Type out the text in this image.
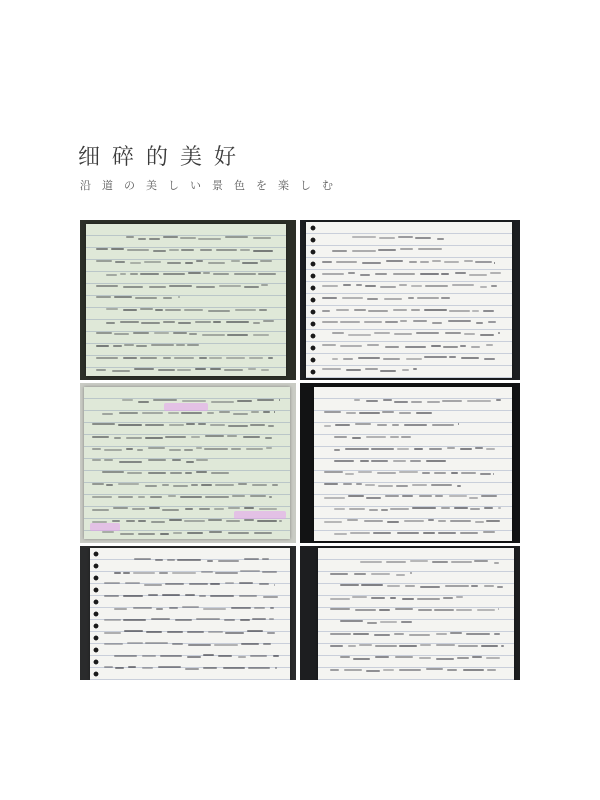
细碎的美好
沿道の美しい景色を楽しむ
